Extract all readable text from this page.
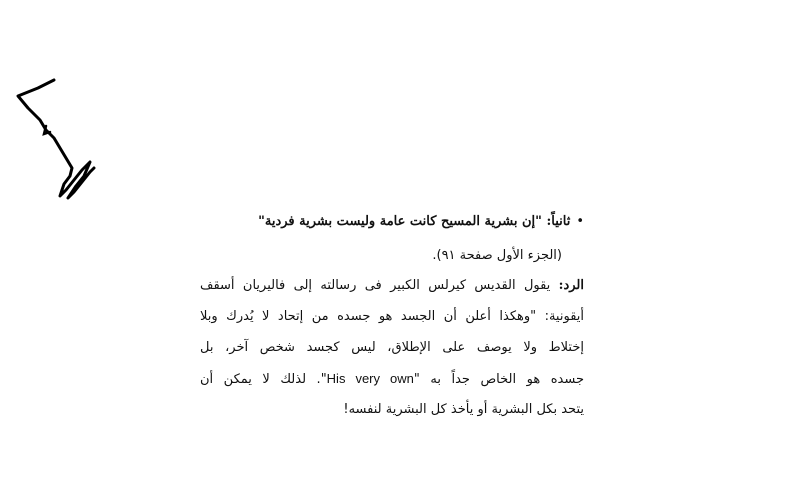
•ثانياً: "إن بشرية المسيح كانت عامة وليست بشرية فردية"
(الجزء الأول صفحة ٩١).
الرد: يقول القديس كيرلس الكبير فى رسالته إلى فاليريان أسقف
أيقونية: "وهكذا أعلن أن الجسد هو جسده من إتحاد لا يُدرك وبلا
إختلاط ولا يوصف على الإطلاق، ليس كجسد شخص آخر، بل
جسده هو الخاص جداً به "His very own". لذلك لا يمكن أن
يتحد بكل البشرية أو يأخذ كل البشرية لنفسه!
